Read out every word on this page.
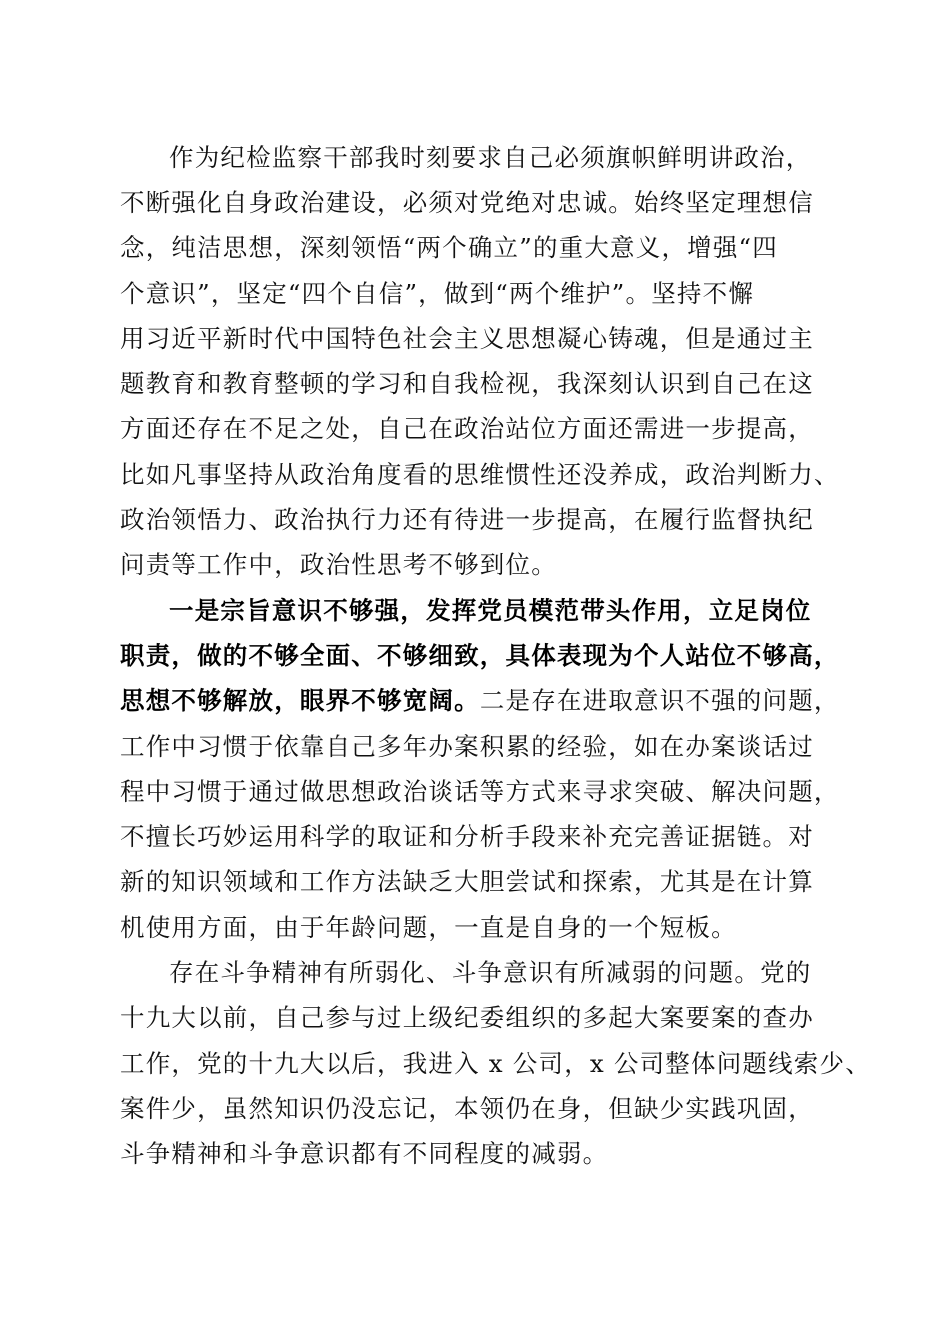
作为纪检监察干部我时刻要求自己必须旗帜鲜明讲政治，
不断强化自身政治建设，必须对党绝对忠诚。始终坚定理想信
念，纯洁思想，深刻领悟“两个确立”的重大意义，增强“四
个意识”，坚定“四个自信”，做到“两个维护”。坚持不懈
用习近平新时代中国特色社会主义思想凝心铸魂，但是通过主
题教育和教育整顿的学习和自我检视，我深刻认识到自己在这
方面还存在不足之处，自己在政治站位方面还需进一步提高，
比如凡事坚持从政治角度看的思维惯性还没养成，政治判断力、
政治领悟力、政治执行力还有待进一步提高，在履行监督执纪
问责等工作中，政治性思考不够到位。
一是宗旨意识不够强，发挥党员模范带头作用，立足岗位
职责，做的不够全面、不够细致，具体表现为个人站位不够高，
思想不够解放，眼界不够宽阔。二是存在进取意识不强的问题，
工作中习惯于依靠自己多年办案积累的经验，如在办案谈话过
程中习惯于通过做思想政治谈话等方式来寻求突破、解决问题，
不擅长巧妙运用科学的取证和分析手段来补充完善证据链。对
新的知识领域和工作方法缺乏大胆尝试和探索，尤其是在计算
机使用方面，由于年龄问题，一直是自身的一个短板。
存在斗争精神有所弱化、斗争意识有所减弱的问题。党的
十九大以前，自己参与过上级纪委组织的多起大案要案的查办
工作，党的十九大以后，我进入 x 公司，x 公司整体问题线索少、
案件少，虽然知识仍没忘记，本领仍在身，但缺少实践巩固，
斗争精神和斗争意识都有不同程度的减弱。
